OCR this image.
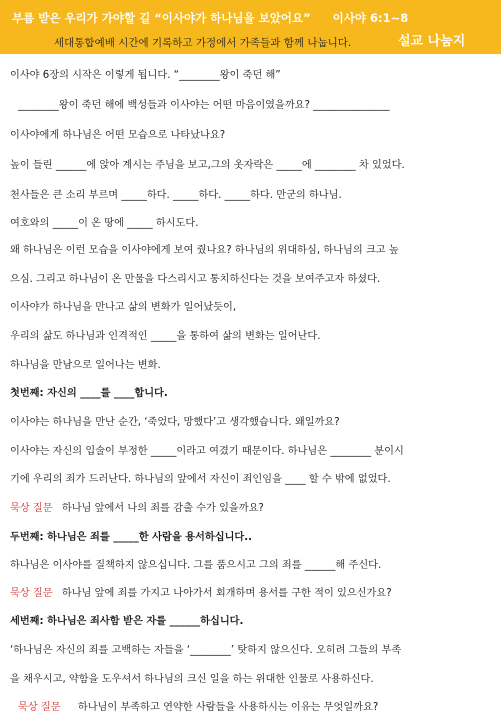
부름 받은 우리가 가야할 길 “이사야가 하나님을 보았어요” 이사야 6:1~8
세대통합예배 시간에 기록하고 가정에서 가족들과 함께 나눕니다.	설교 나눔지
이사야 6장의 시작은 이렇게 됩니다. “________왕이 죽던 해”
________왕이 죽던 해에 백성들과 이사야는 어떤 마음이였을까요? _______________
이사야에게 하나님은 어떤 모습으로 나타났나요?
높이 들린 ______에 앉아 계시는 주님을 보고,그의 옷자락은 _____에 ________ 차 있었다.
천사들은 큰 소리 부르며 _____하다. _____하다. _____하다. 만군의 하나님.
여호와의 _____이 온 땅에 _____ 하시도다.
왜 하나님은 이런 모습을 이사야에게 보여 줬나요? 하나님의 위대하심, 하나님의 크고 높
으심. 그리고 하나님이 온 만물을 다스리시고 통치하신다는 것을 보여주고자 하셨다.
이사야가 하나님을 만나고 삶의 변화가 일어났듯이,
우리의 삶도 하나님과 인격적인 _____을 통하여 삶의 변화는 일어난다.
하나님을 만남으로 일어나는 변화.
첫번째: 자신의 ____를 ____합니다.
이사야는 하나님을 만난 순간, ‘죽었다, 망했다’고 생각했습니다. 왜일까요?
이사야는 자신의 입술이 부정한 _____이라고 여겼기 때문이다. 하나님은 ________ 분이시
기에 우리의 죄가 드러난다. 하나님의 앞에서 자신이 죄인임을 ____ 할 수 밖에 없었다.
묵상 질문 하나님 앞에서 나의 죄를 감출 수가 있을까요?
두번째: 하나님은 죄를 _____한 사람을 용서하십니다..
하나님은 이사야를 질책하지 않으십니다. 그를 품으시고 그의 죄를 ______해 주신다.
묵상 질문 하나님 앞에 죄를 가지고 나아가서 회개하며 용서를 구한 적이 있으신가요?
세번째: 하나님은 죄사함 받은 자를 ______하십니다.
‘하나님은 자신의 죄를 고백하는 자들을 ‘________’ 탓하지 않으신다. 오히려 그들의 부족
을 채우시고, 약함을 도우셔서 하나님의 크신 일을 하는 위대한 인물로 사용하신다.
묵상 질문 하나님이 부족하고 연약한 사람들을 사용하시는 이유는 무엇일까요?
